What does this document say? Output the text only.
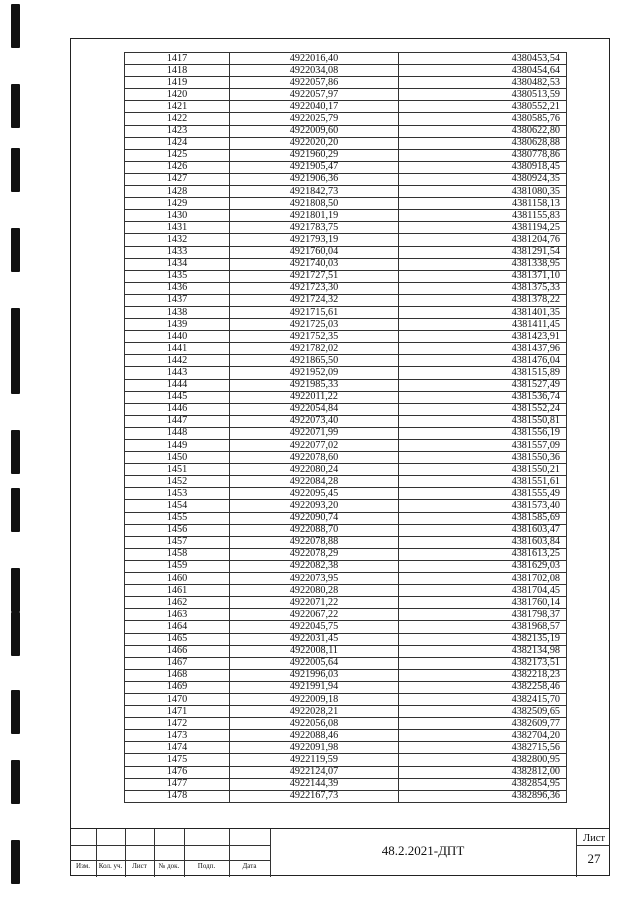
1417	4922016,40	4380453,54
1418	4922034,08	4380454,64
1419	4922057,86	4380482,53
1420	4922057,97	4380513,59
1421	4922040,17	4380552,21
1422	4922025,79	4380585,76
1423	4922009,60	4380622,80
1424	4922020,20	4380628,88
1425	4921960,29	4380778,86
1426	4921905,47	4380918,45
1427	4921906,36	4380924,35
1428	4921842,73	4381080,35
1429	4921808,50	4381158,13
1430	4921801,19	4381155,83
1431	4921783,75	4381194,25
1432	4921793,19	4381204,76
1433	4921760,04	4381291,54
1434	4921740,03	4381338,95
1435	4921727,51	4381371,10
1436	4921723,30	4381375,33
1437	4921724,32	4381378,22
1438	4921715,61	4381401,35
1439	4921725,03	4381411,45
1440	4921752,35	4381423,91
1441	4921782,02	4381437,96
1442	4921865,50	4381476,04
1443	4921952,09	4381515,89
1444	4921985,33	4381527,49
1445	4922011,22	4381536,74
1446	4922054,84	4381552,24
1447	4922073,40	4381550,81
1448	4922071,99	4381556,19
1449	4922077,02	4381557,09
1450	4922078,60	4381550,36
1451	4922080,24	4381550,21
1452	4922084,28	4381551,61
1453	4922095,45	4381555,49
1454	4922093,20	4381573,40
1455	4922090,74	4381585,69
1456	4922088,70	4381603,47
1457	4922078,88	4381603,84
1458	4922078,29	4381613,25
1459	4922082,38	4381629,03
1460	4922073,95	4381702,08
1461	4922080,28	4381704,45
1462	4922071,22	4381760,14
1463	4922067,22	4381798,37
1464	4922045,75	4381968,57
1465	4922031,45	4382135,19
1466	4922008,11	4382134,98
1467	4922005,64	4382173,51
1468	4921996,03	4382218,23
1469	4921991,94	4382258,46
1470	4922009,18	4382415,70
1471	4922028,21	4382509,65
1472	4922056,08	4382609,77
1473	4922088,46	4382704,20
1474	4922091,98	4382715,56
1475	4922119,59	4382800,95
1476	4922124,07	4382812,00
1477	4922144,39	4382854,95
1478	4922167,73	4382896,36
Изм.	Кол. уч.	Лист	№ док.	Подп.	Дата
48.2.2021-ДПТ
Лист
27
